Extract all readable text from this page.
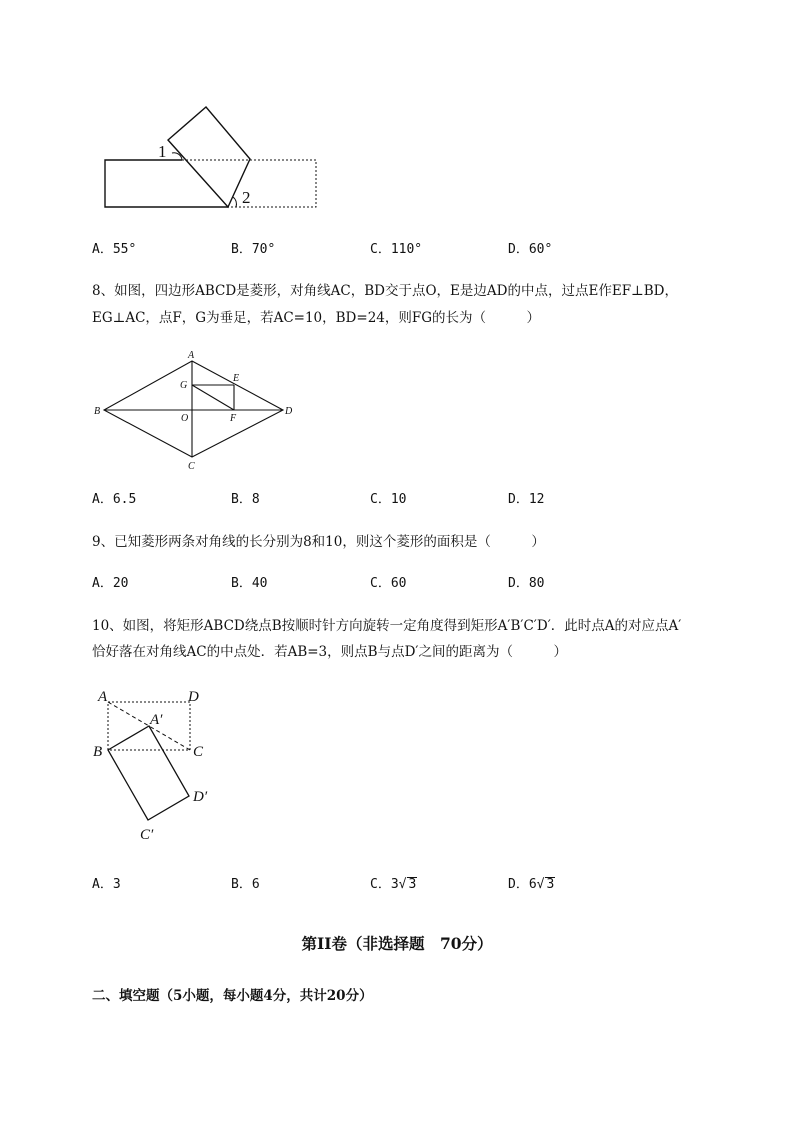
1
2
A．55°	B．70°	C．110°	D．60°
8、如图，四边形ABCD是菱形，对角线AC，BD交于点O，E是边AD的中点，过点E作EF⊥BD，
EG⊥AC，点F，G为垂足，若AC=10，BD=24，则FG的长为（　　　）
A
B
C
D
E
F
G
O
A．6.5	B．8	C．10	D．12
9、已知菱形两条对角线的长分别为8和10，则这个菱形的面积是（　　　）
A．20	B．40	C．60	D．80
10、如图，将矩形ABCD绕点B按顺时针方向旋转一定角度得到矩形A′B′C′D′．此时点A的对应点A′
恰好落在对角线AC的中点处．若AB=3，则点B与点D′之间的距离为（　　　）
A	D
A′
B	C
D′
C′
A．3	B．6	C．3√ 3	D．6√ 3
第II卷（非选择题　70分）
二、填空题（5小题，每小题4分，共计20分）
